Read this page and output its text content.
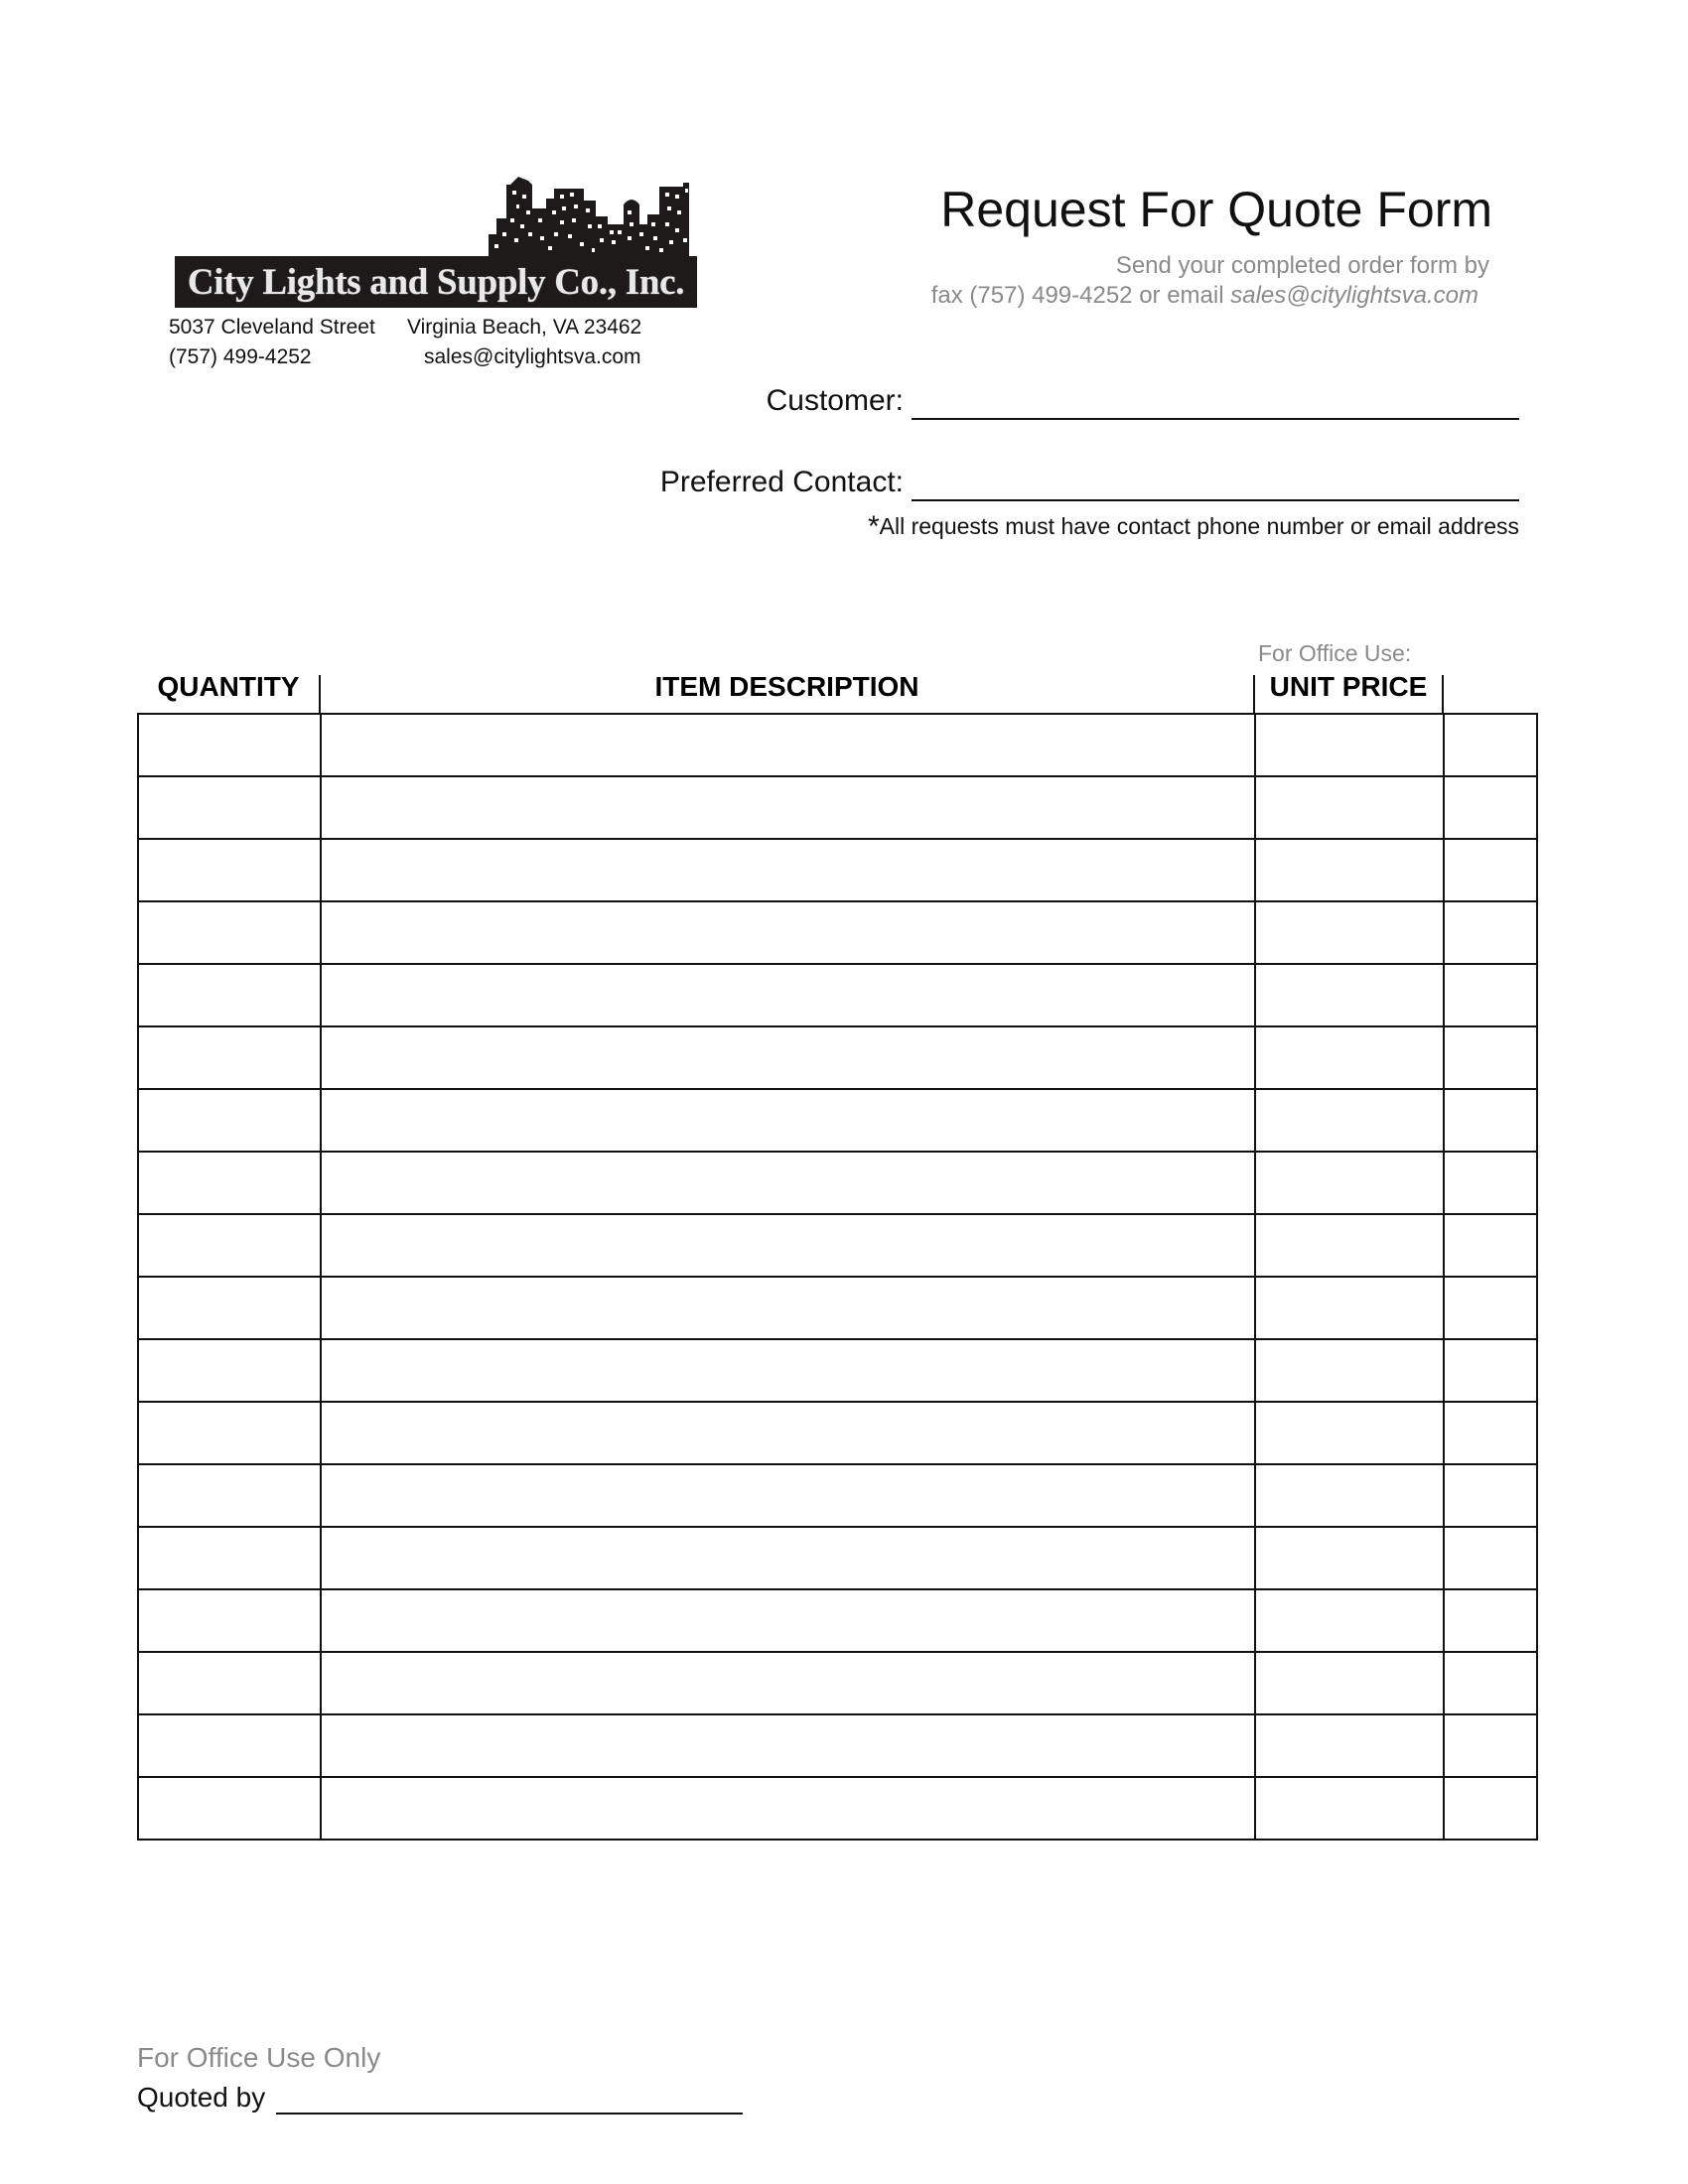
City Lights and Supply Co., Inc.
5037 Cleveland Street Virginia Beach, VA 23462
(757) 499-4252	sales@citylightsva.com
Request For Quote Form
Send your completed order form by
fax (757) 499-4252 or email sales@citylightsva.com
Customer:
Preferred Contact:
*All requests must have contact phone number or email address
For Office Use:
QUANTITY	ITEM DESCRIPTION	UNIT PRICE

For Office Use Only
Quoted by
